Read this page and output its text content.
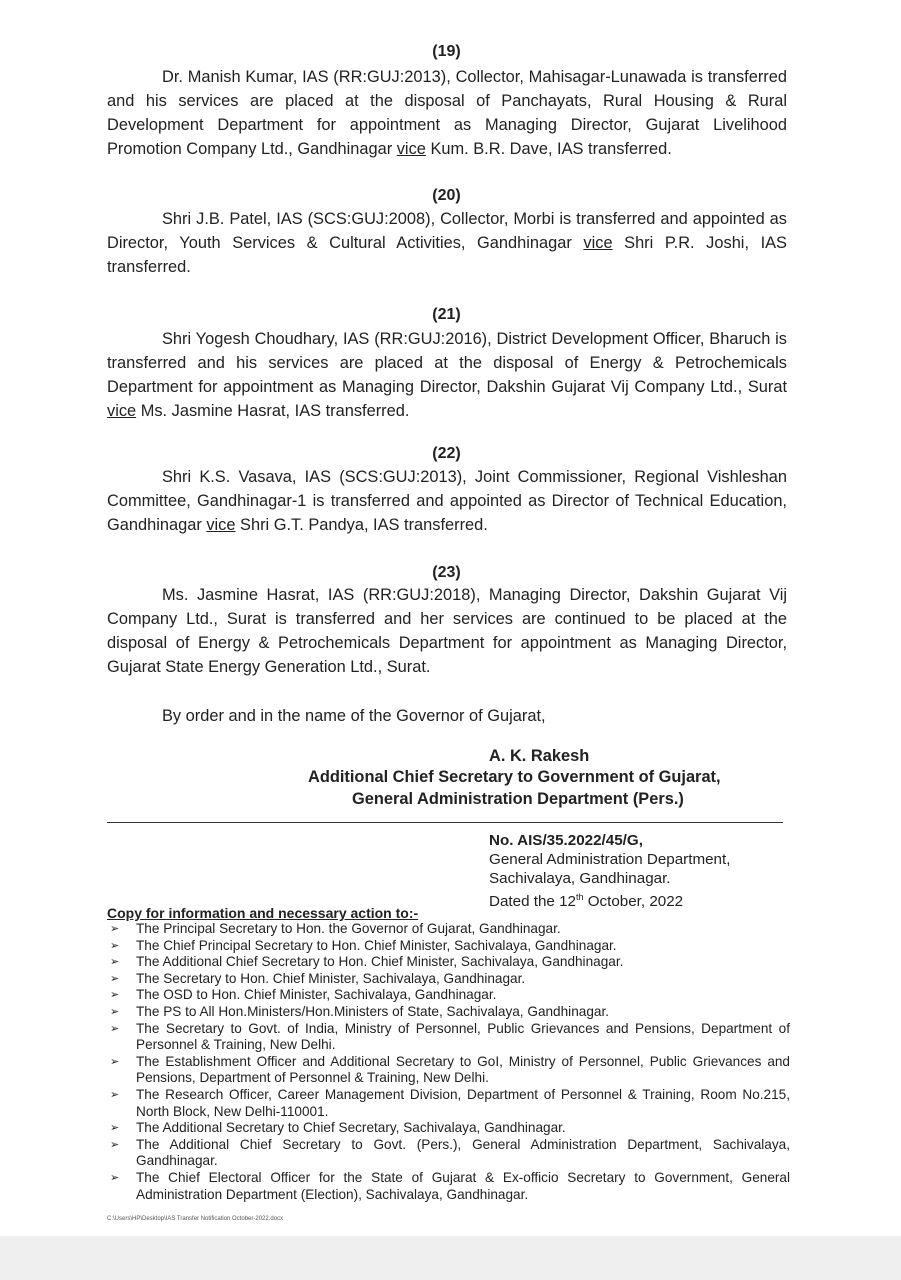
(19)

Dr. Manish Kumar, IAS (RR:GUJ:2013), Collector, Mahisagar-Lunawada is transferred and his services are placed at the disposal of Panchayats, Rural Housing & Rural Development Department for appointment as Managing Director, Gujarat Livelihood Promotion Company Ltd., Gandhinagar vice Kum. B.R. Dave, IAS transferred.

(20)

Shri J.B. Patel, IAS (SCS:GUJ:2008), Collector, Morbi is transferred and appointed as Director, Youth Services & Cultural Activities, Gandhinagar vice Shri P.R. Joshi, IAS transferred.

(21)

Shri Yogesh Choudhary, IAS (RR:GUJ:2016), District Development Officer, Bharuch is transferred and his services are placed at the disposal of Energy & Petrochemicals Department for appointment as Managing Director, Dakshin Gujarat Vij Company Ltd., Surat vice Ms. Jasmine Hasrat, IAS transferred.

(22)

Shri K.S. Vasava, IAS (SCS:GUJ:2013), Joint Commissioner, Regional Vishleshan Committee, Gandhinagar-1 is transferred and appointed as Director of Technical Education, Gandhinagar vice Shri G.T. Pandya, IAS transferred.

(23)

Ms. Jasmine Hasrat, IAS (RR:GUJ:2018), Managing Director, Dakshin Gujarat Vij Company Ltd., Surat is transferred and her services are continued to be placed at the disposal of Energy & Petrochemicals Department for appointment as Managing Director, Gujarat State Energy Generation Ltd., Surat.

By order and in the name of the Governor of Gujarat,
A. K. Rakesh
Additional Chief Secretary to Government of Gujarat,
General Administration Department (Pers.)
No. AIS/35.2022/45/G,
General Administration Department,
Sachivalaya, Gandhinagar.
Dated the 12th October, 2022
Copy for information and necessary action to:-
➢ The Principal Secretary to Hon. the Governor of Gujarat, Gandhinagar.
➢ The Chief Principal Secretary to Hon. Chief Minister, Sachivalaya, Gandhinagar.
➢ The Additional Chief Secretary to Hon. Chief Minister, Sachivalaya, Gandhinagar.
➢ The Secretary to Hon. Chief Minister, Sachivalaya, Gandhinagar.
➢ The OSD to Hon. Chief Minister, Sachivalaya, Gandhinagar.
➢ The PS to All Hon.Ministers/Hon.Ministers of State, Sachivalaya, Gandhinagar.
➢ The Secretary to Govt. of India, Ministry of Personnel, Public Grievances and Pensions, Department of Personnel & Training, New Delhi.
➢ The Establishment Officer and Additional Secretary to GoI, Ministry of Personnel, Public Grievances and Pensions, Department of Personnel & Training, New Delhi.
➢ The Research Officer, Career Management Division, Department of Personnel & Training, Room No.215, North Block, New Delhi-110001.
➢ The Additional Secretary to Chief Secretary, Sachivalaya, Gandhinagar.
➢ The Additional Chief Secretary to Govt. (Pers.), General Administration Department, Sachivalaya, Gandhinagar.
➢ The Chief Electoral Officer for the State of Gujarat & Ex-officio Secretary to Government, General Administration Department (Election), Sachivalaya, Gandhinagar.
C:\Users\HP\Desktop\IAS Transfer Notification October-2022.docx
